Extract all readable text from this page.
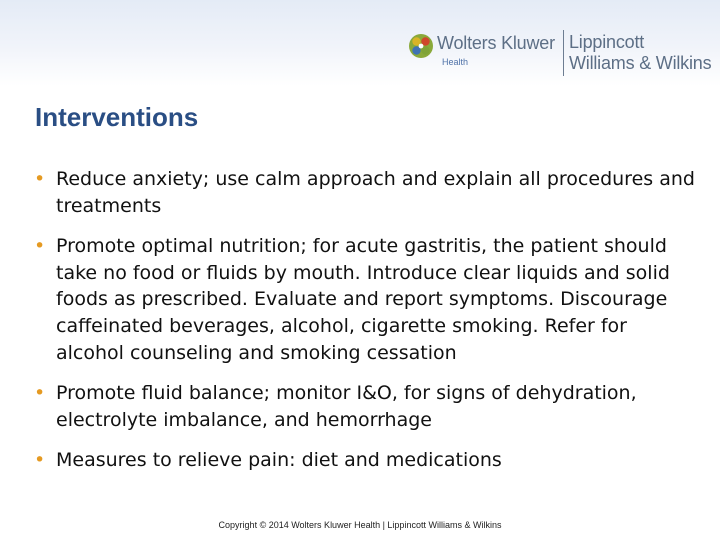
Wolters Kluwer
Health
Lippincott
Williams & Wilkins
Interventions
• Reduce anxiety; use calm approach and explain all procedures and treatments
• Promote optimal nutrition; for acute gastritis, the patient should take no food or fluids by mouth. Introduce clear liquids and solid foods as prescribed. Evaluate and report symptoms. Discourage caffeinated beverages, alcohol, cigarette smoking. Refer for alcohol counseling and smoking cessation
• Promote fluid balance; monitor I&O, for signs of dehydration, electrolyte imbalance, and hemorrhage
• Measures to relieve pain: diet and medications
Copyright © 2014 Wolters Kluwer Health | Lippincott Williams & Wilkins
